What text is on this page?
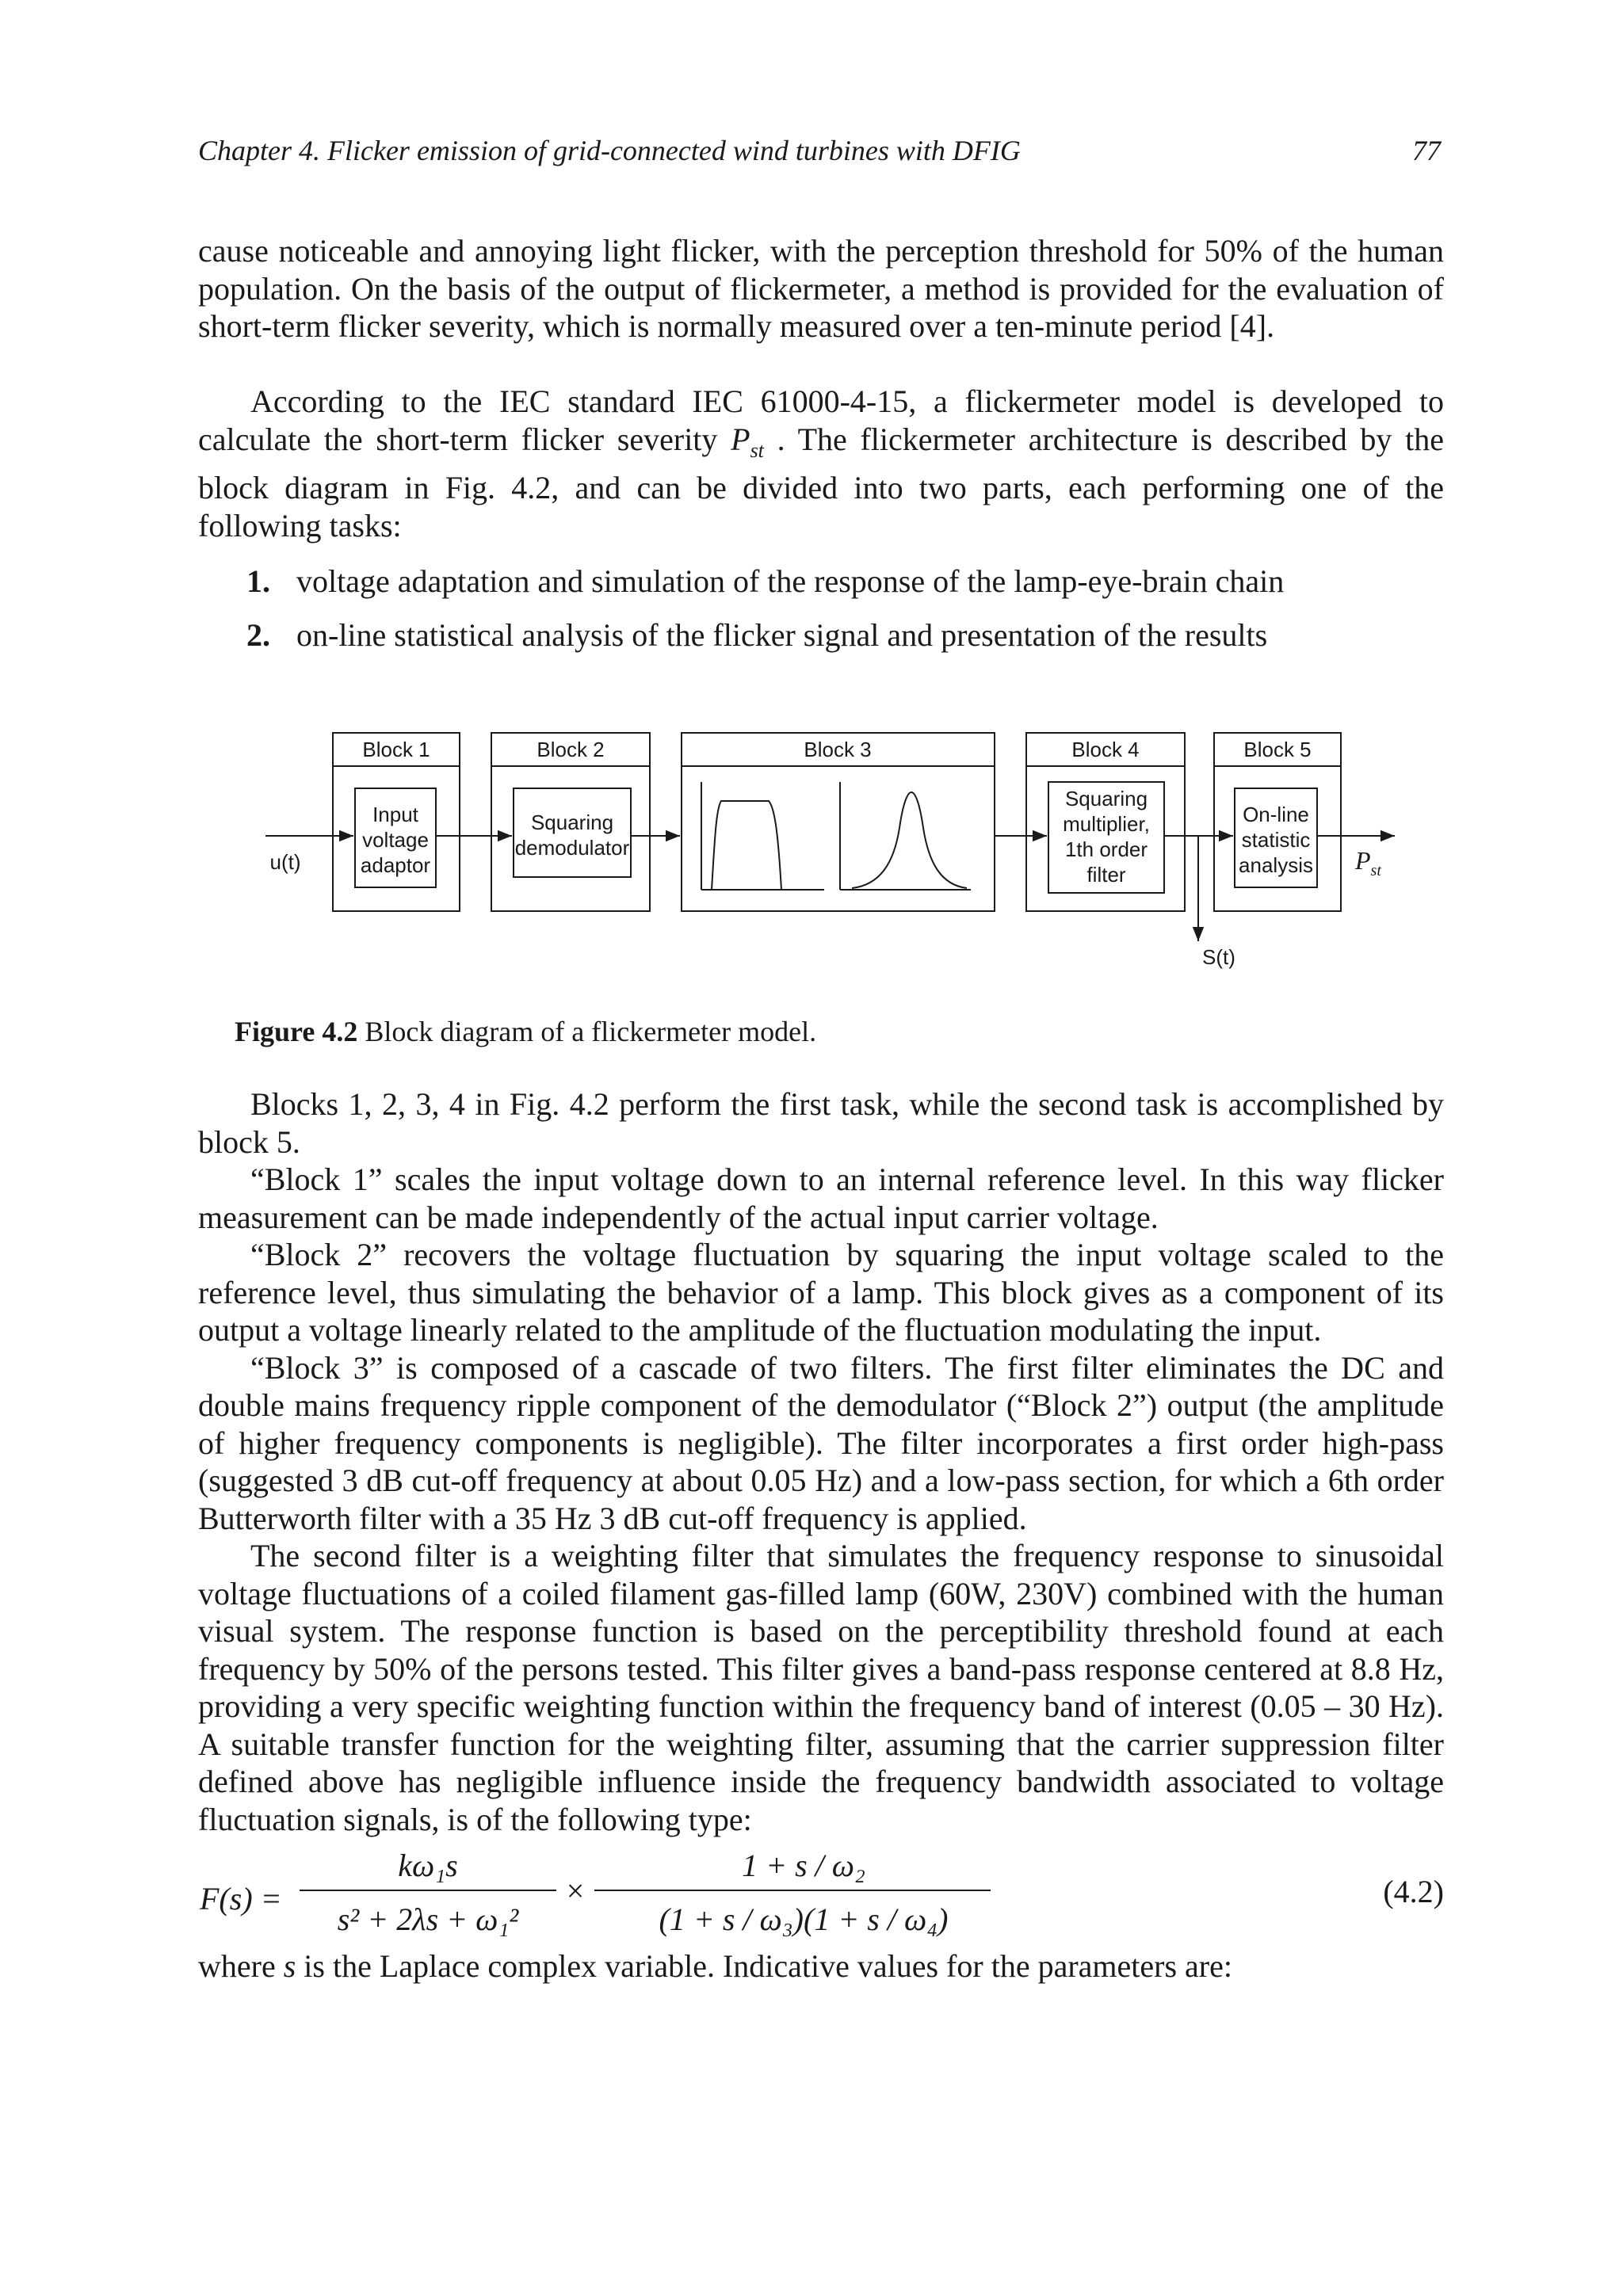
Chapter 4. Flicker emission of grid-connected wind turbines with DFIG	77

cause noticeable and annoying light flicker, with the perception threshold for 50% of the human population. On the basis of the output of flickermeter, a method is provided for the evaluation of short-term flicker severity, which is normally measured over a ten-minute period [4].

According to the IEC standard IEC 61000-4-15, a flickermeter model is developed to calculate the short-term flicker severity $P_{st}$ . The flickermeter architecture is described by the block diagram in Fig. 4.2, and can be divided into two parts, each performing one of the following tasks:

1. voltage adaptation and simulation of the response of the lamp-eye-brain chain

2. on-line statistical analysis of the flicker signal and presentation of the results

Block 1
Input
voltage
adaptor
Block 2
Squaring
demodulator
Block 3	Block 4
Squaring
multiplier,
1th order
filter
Block 5
On-line
statistic
analysis
u(t)	$P_{st}$
S(t)
Figure 4.2 Block diagram of a flickermeter model.

Blocks 1, 2, 3, 4 in Fig. 4.2 perform the first task, while the second task is accomplished by block 5.

“Block 1” scales the input voltage down to an internal reference level. In this way flicker measurement can be made independently of the actual input carrier voltage.

“Block 2” recovers the voltage fluctuation by squaring the input voltage scaled to the reference level, thus simulating the behavior of a lamp. This block gives as a component of its output a voltage linearly related to the amplitude of the fluctuation modulating the input.

“Block 3” is composed of a cascade of two filters. The first filter eliminates the DC and double mains frequency ripple component of the demodulator (“Block 2”) output (the amplitude of higher frequency components is negligible). The filter incorporates a first order high-pass (suggested 3 dB cut-off frequency at about 0.05 Hz) and a low-pass section, for which a 6th order Butterworth filter with a 35 Hz 3 dB cut-off frequency is applied.

The second filter is a weighting filter that simulates the frequency response to sinusoidal voltage fluctuations of a coiled filament gas-filled lamp (60W, 230V) combined with the human visual system. The response function is based on the perceptibility threshold found at each frequency by 50% of the persons tested. This filter gives a band-pass response centered at 8.8 Hz, providing a very specific weighting function within the frequency band of interest (0.05 – 30 Hz). A suitable transfer function for the weighting filter, assuming that the carrier suppression filter defined above has negligible influence inside the frequency bandwidth associated to voltage fluctuation signals, is of the following type:

F(s) =
kω₁s
s² + 2λs + ω₁²
×
1 + s / ω₂
(1 + s / ω₃)(1 + s / ω₄)
(4.2)

where s is the Laplace complex variable. Indicative values for the parameters are:
